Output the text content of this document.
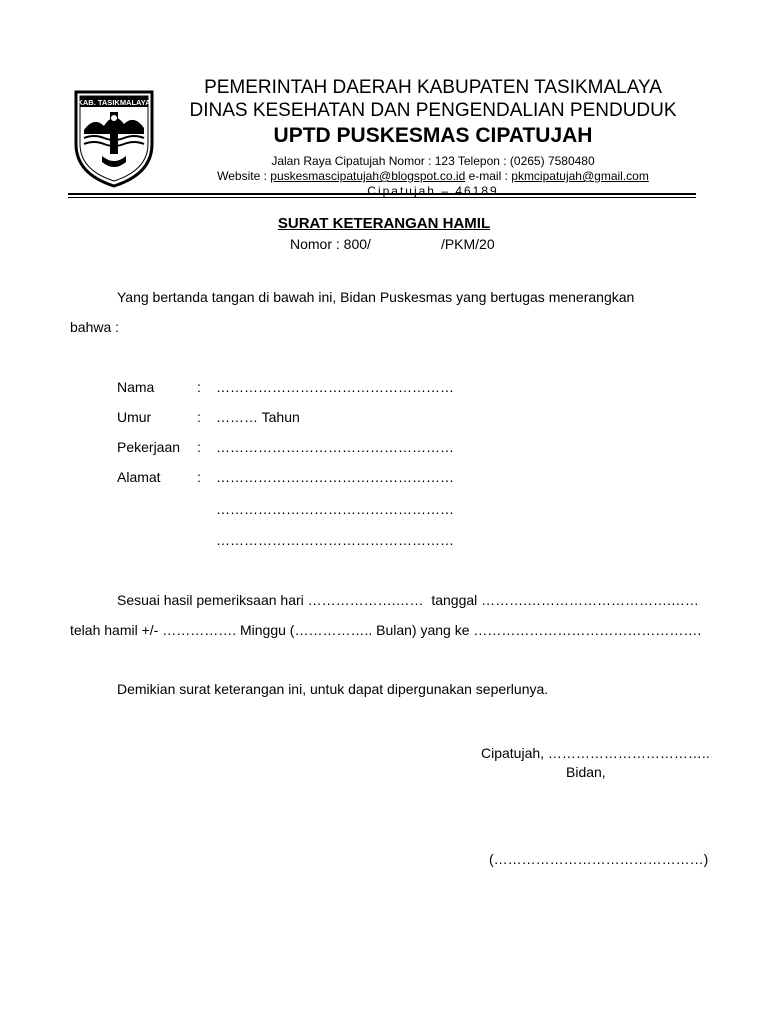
KAB. TASIKMALAYA
PEMERINTAH DAERAH KABUPATEN TASIKMALAYA
DINAS KESEHATAN DAN PENGENDALIAN PENDUDUK
UPTD PUSKESMAS CIPATUJAH
Jalan Raya Cipatujah Nomor : 123 Telepon : (0265) 7580480
Website : puskesmascipatujah@blogspot.co.id e-mail : pkmcipatujah@gmail.com
Cipatujah – 46189
SURAT KETERANGAN HAMIL
Nomor : 800/	/PKM/20
Yang bertanda tangan di bawah ini, Bidan Puskesmas yang bertugas menerangkan
bahwa :
Nama	: ……………………………………………
Umur	: ……… Tahun
Pekerjaan : ……………………………………………
Alamat	: ……………………………………………
……………………………………………
……………………………………………
Sesuai hasil pemeriksaan hari ……………….……  tanggal ……….………………………….……
telah hamil +/- ……………. Minggu (…………….. Bulan) yang ke ………………………………………….
Demikian surat keterangan ini, untuk dapat dipergunakan seperlunya.
Cipatujah, ……………………………..
Bidan,
(………………………………………)
